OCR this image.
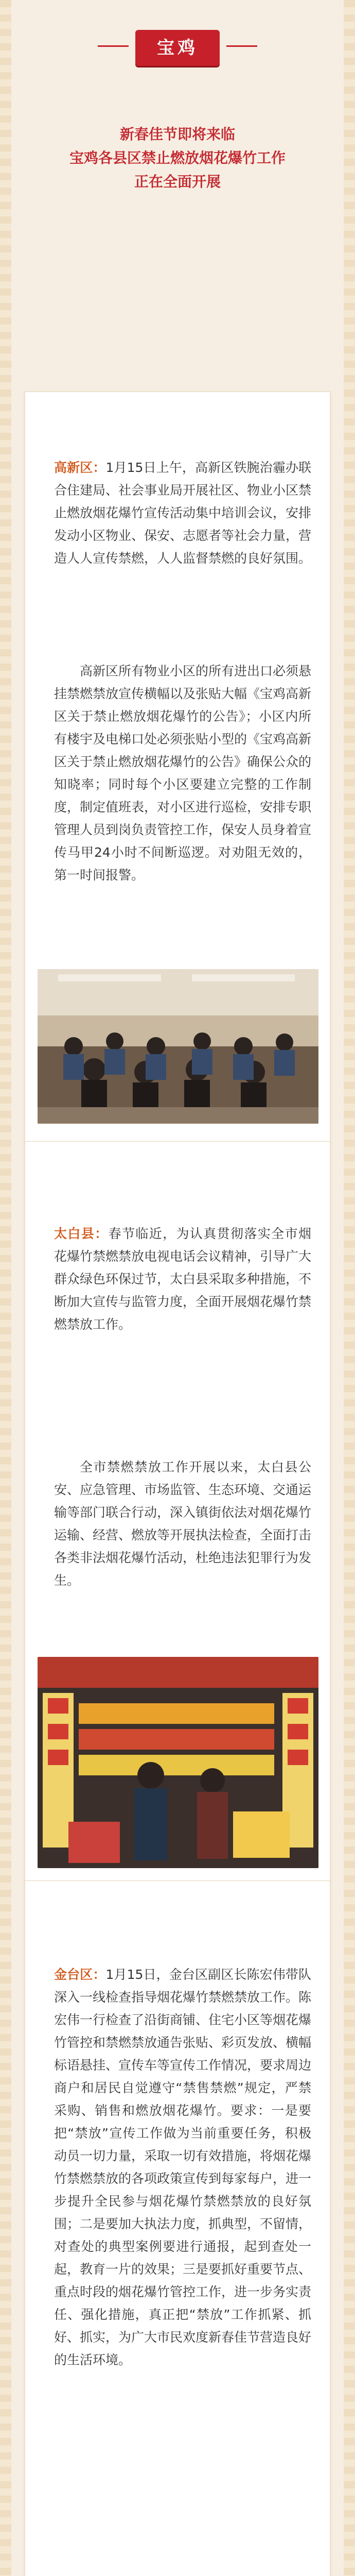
宝鸡
新春佳节即将来临
宝鸡各县区禁止燃放烟花爆竹工作
正在全面开展
高新区：1月15日上午，高新区铁腕治霾办联合住建局、社会事业局开展社区、物业小区禁止燃放烟花爆竹宣传活动集中培训会议，安排发动小区物业、保安、志愿者等社会力量，营造人人宣传禁燃，人人监督禁燃的良好氛围。
高新区所有物业小区的所有进出口必须悬挂禁燃禁放宣传横幅以及张贴大幅《宝鸡高新区关于禁止燃放烟花爆竹的公告》；小区内所有楼宇及电梯口处必须张贴小型的《宝鸡高新区关于禁止燃放烟花爆竹的公告》确保公众的知晓率；同时每个小区要建立完整的工作制度，制定值班表，对小区进行巡检，安排专职管理人员到岗负责管控工作，保安人员身着宣传马甲24小时不间断巡逻。对劝阻无效的，第一时间报警。
太白县：春节临近，为认真贯彻落实全市烟花爆竹禁燃禁放电视电话会议精神，引导广大群众绿色环保过节，太白县采取多种措施，不断加大宣传与监管力度，全面开展烟花爆竹禁燃禁放工作。
全市禁燃禁放工作开展以来，太白县公安、应急管理、市场监管、生态环境、交通运输等部门联合行动，深入镇街依法对烟花爆竹运输、经营、燃放等开展执法检查，全面打击各类非法烟花爆竹活动，杜绝违法犯罪行为发生。
金台区：1月15日，金台区副区长陈宏伟带队深入一线检查指导烟花爆竹禁燃禁放工作。陈宏伟一行检查了沿街商铺、住宅小区等烟花爆竹管控和禁燃禁放通告张贴、彩页发放、横幅标语悬挂、宣传车等宣传工作情况，要求周边商户和居民自觉遵守“禁售禁燃”规定，严禁采购、销售和燃放烟花爆竹。要求：一是要把“禁放”宣传工作做为当前重要任务，积极动员一切力量，采取一切有效措施，将烟花爆竹禁燃禁放的各项政策宣传到每家每户，进一步提升全民参与烟花爆竹禁燃禁放的良好氛围；二是要加大执法力度，抓典型，不留情，对查处的典型案例要进行通报，起到查处一起，教育一片的效果；三是要抓好重要节点、重点时段的烟花爆竹管控工作，进一步务实责任、强化措施，真正把“禁放”工作抓紧、抓好、抓实，为广大市民欢度新春佳节营造良好的生活环境。
